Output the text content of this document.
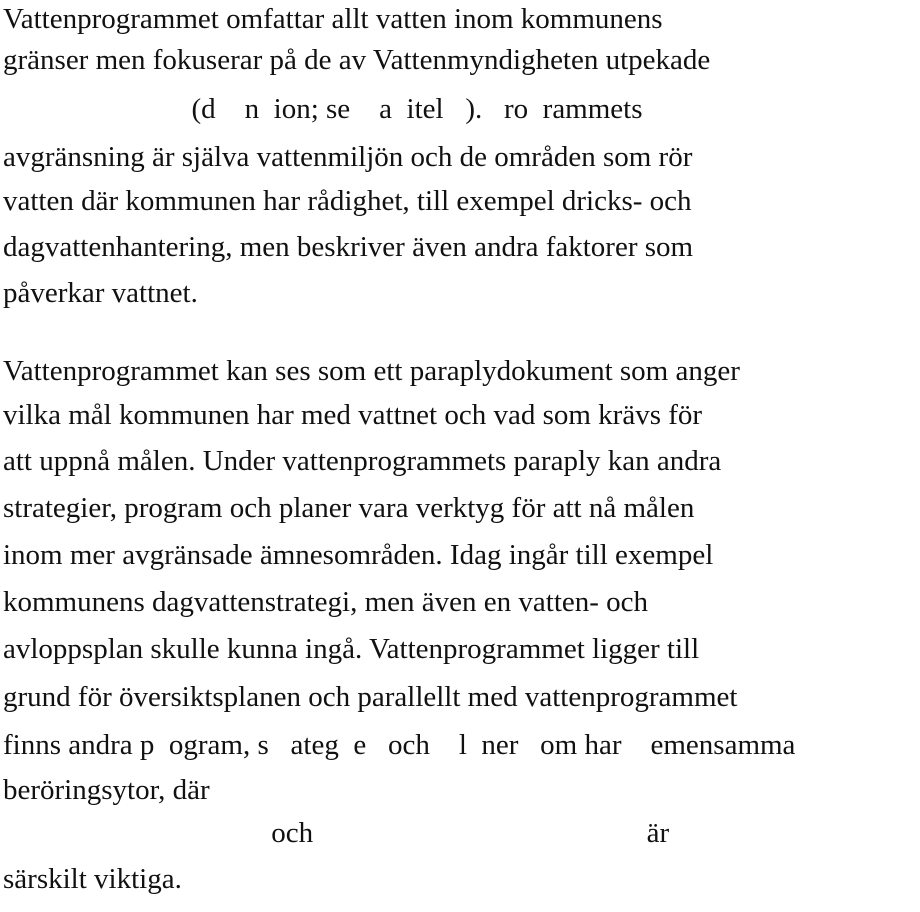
Vattenprogrammet omfattar allt vatten inom kommunens
gränser men fokuserar på de av Vattenmyndigheten utpekade
(d    n  ion; se    a  itel   ).   ro  rammets
avgränsning är själva vattenmiljön och de områden som rör
vatten där kommunen har rådighet, till exempel dricks- och
dagvattenhantering, men beskriver även andra faktorer som
påverkar vattnet.
Vattenprogrammet kan ses som ett paraplydokument som anger
vilka mål kommunen har med vattnet och vad som krävs för
att uppnå målen. Under vattenprogrammets paraply kan andra
strategier, program och planer vara verktyg för att nå målen
inom mer avgränsade ämnesområden. Idag ingår till exempel
kommunens dagvattenstrategi, men även en vatten- och
avloppsplan skulle kunna ingå. Vattenprogrammet ligger till
grund för översiktsplanen och parallellt med vattenprogrammet
finns andra p  ogram, s   ateg  e   och    l  ner   om har    emensamma
beröringsytor, där
och                                              är
särskilt viktiga.
